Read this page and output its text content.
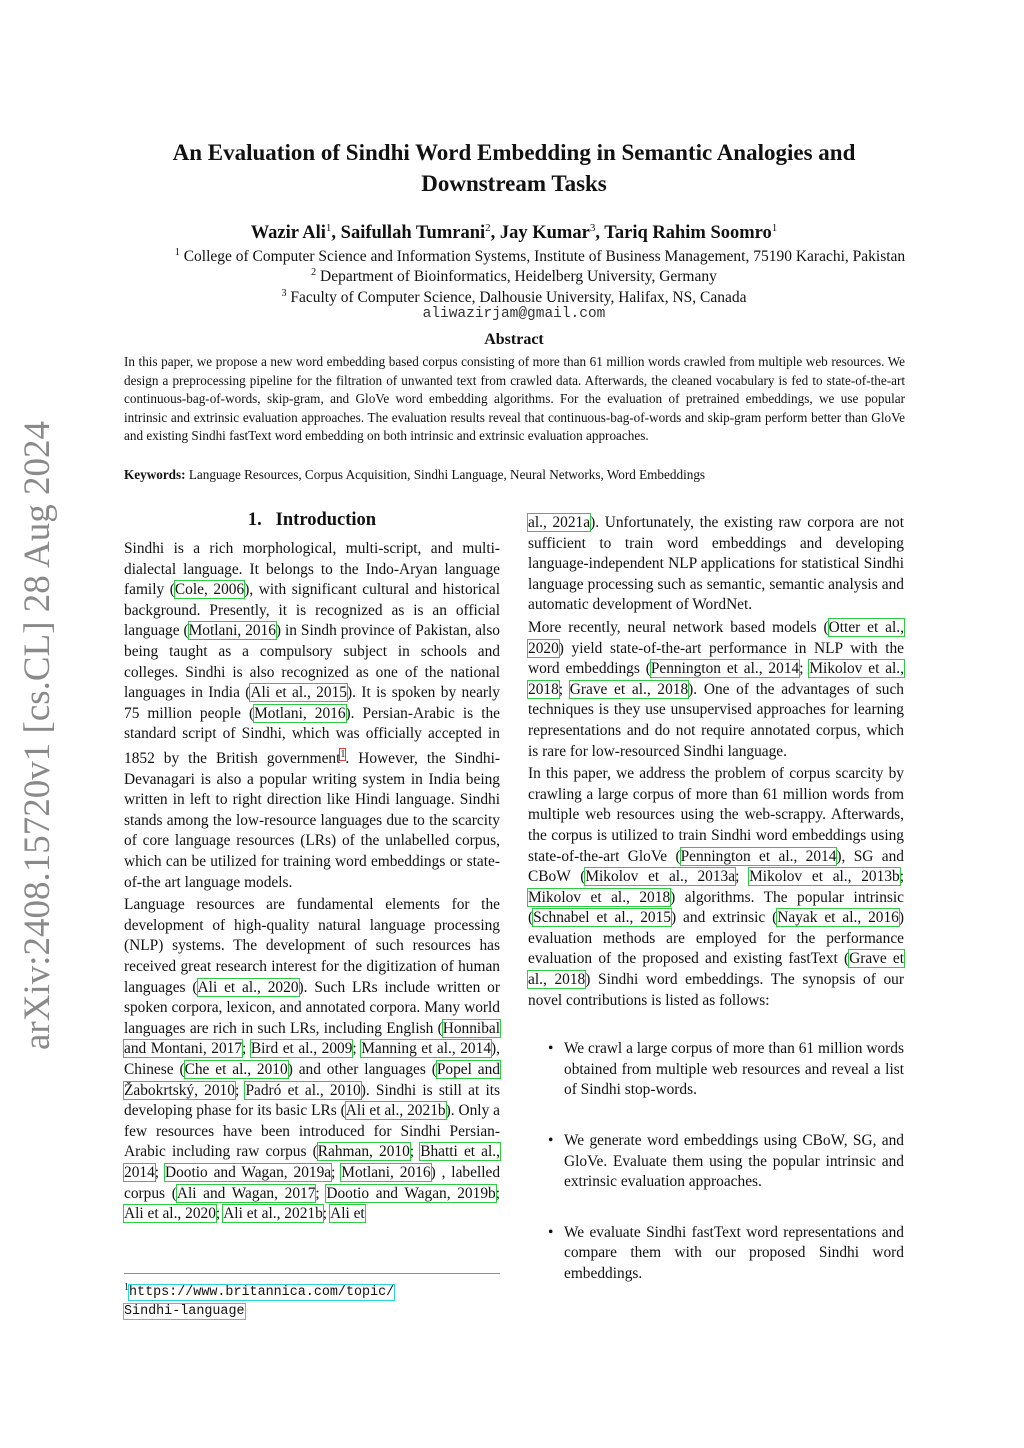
arXiv:2408.15720v1 [cs.CL] 28 Aug 2024
An Evaluation of Sindhi Word Embedding in Semantic Analogies and Downstream Tasks
Wazir Ali$^1$, Saifullah Tumrani$^2$, Jay Kumar$^3$, Tariq Rahim Soomro$^1$
$^1$ College of Computer Science and Information Systems, Institute of Business Management, 75190 Karachi, Pakistan
$^2$ Department of Bioinformatics, Heidelberg University, Germany
$^3$ Faculty of Computer Science, Dalhousie University, Halifax, NS, Canada
aliwazirjam@gmail.com
Abstract
In this paper, we propose a new word embedding based corpus consisting of more than 61 million words crawled from multiple web resources. We design a preprocessing pipeline for the filtration of unwanted text from crawled data. Afterwards, the cleaned vocabulary is fed to state-of-the-art continuous-bag-of-words, skip-gram, and GloVe word embedding algorithms. For the evaluation of pretrained embeddings, we use popular intrinsic and extrinsic evaluation approaches. The evaluation results reveal that continuous-bag-of-words and skip-gram perform better than GloVe and existing Sindhi fastText word embedding on both intrinsic and extrinsic evaluation approaches.
Keywords: Language Resources, Corpus Acquisition, Sindhi Language, Neural Networks, Word Embeddings
1. Introduction

Sindhi is a rich morphological, multi-script, and multi-dialectal language. It belongs to the Indo-Aryan language family (Cole, 2006), with significant cultural and historical background. Presently, it is recognized as is an official language (Motlani, 2016) in Sindh province of Pakistan, also being taught as a compulsory subject in schools and colleges. Sindhi is also recognized as one of the national languages in India (Ali et al., 2015). It is spoken by nearly 75 million people (Motlani, 2016). Persian-Arabic is the standard script of Sindhi, which was officially accepted in 1852 by the British government$^1$. However, the Sindhi-Devanagari is also a popular writing system in India being written in left to right direction like Hindi language. Sindhi stands among the low-resource languages due to the scarcity of core language resources (LRs) of the unlabelled corpus, which can be utilized for training word embeddings or state-of-the art language models.

Language resources are fundamental elements for the development of high-quality natural language processing (NLP) systems. The development of such resources has received great research interest for the digitization of human languages (Ali et al., 2020). Such LRs include written or spoken corpora, lexicon, and annotated corpora. Many world languages are rich in such LRs, including English (Honnibal and Montani, 2017; Bird et al., 2009; Manning et al., 2014), Chinese (Che et al., 2010) and other languages (Popel and Žabokrtský, 2010; Padró et al., 2010). Sindhi is still at its developing phase for its basic LRs (Ali et al., 2021b). Only a few resources have been introduced for Sindhi Persian-Arabic including raw corpus (Rahman, 2010; Bhatti et al., 2014; Dootio and Wagan, 2019a; Motlani, 2016) , labelled corpus (Ali and Wagan, 2017; Dootio and Wagan, 2019b; Ali et al., 2020; Ali et al., 2021b; Ali et

al., 2021a). Unfortunately, the existing raw corpora are not sufficient to train word embeddings and developing language-independent NLP applications for statistical Sindhi language processing such as semantic, semantic analysis and automatic development of WordNet.

More recently, neural network based models (Otter et al., 2020) yield state-of-the-art performance in NLP with the word embeddings (Pennington et al., 2014; Mikolov et al., 2018; Grave et al., 2018). One of the advantages of such techniques is they use unsupervised approaches for learning representations and do not require annotated corpus, which is rare for low-resourced Sindhi language.

In this paper, we address the problem of corpus scarcity by crawling a large corpus of more than 61 million words from multiple web resources using the web-scrappy. Afterwards, the corpus is utilized to train Sindhi word embeddings using state-of-the-art GloVe (Pennington et al., 2014), SG and CBoW (Mikolov et al., 2013a; Mikolov et al., 2013b; Mikolov et al., 2018) algorithms. The popular intrinsic (Schnabel et al., 2015) and extrinsic (Nayak et al., 2016) evaluation methods are employed for the performance evaluation of the proposed and existing fastText (Grave et al., 2018) Sindhi word embeddings. The synopsis of our novel contributions is listed as follows:

• We crawl a large corpus of more than 61 million words obtained from multiple web resources and reveal a list of Sindhi stop-words.
• We generate word embeddings using CBoW, SG, and GloVe. Evaluate them using the popular intrinsic and extrinsic evaluation approaches.
• We evaluate Sindhi fastText word representations and compare them with our proposed Sindhi word embeddings.
$^1$https://www.britannica.com/topic/
Sindhi-language
